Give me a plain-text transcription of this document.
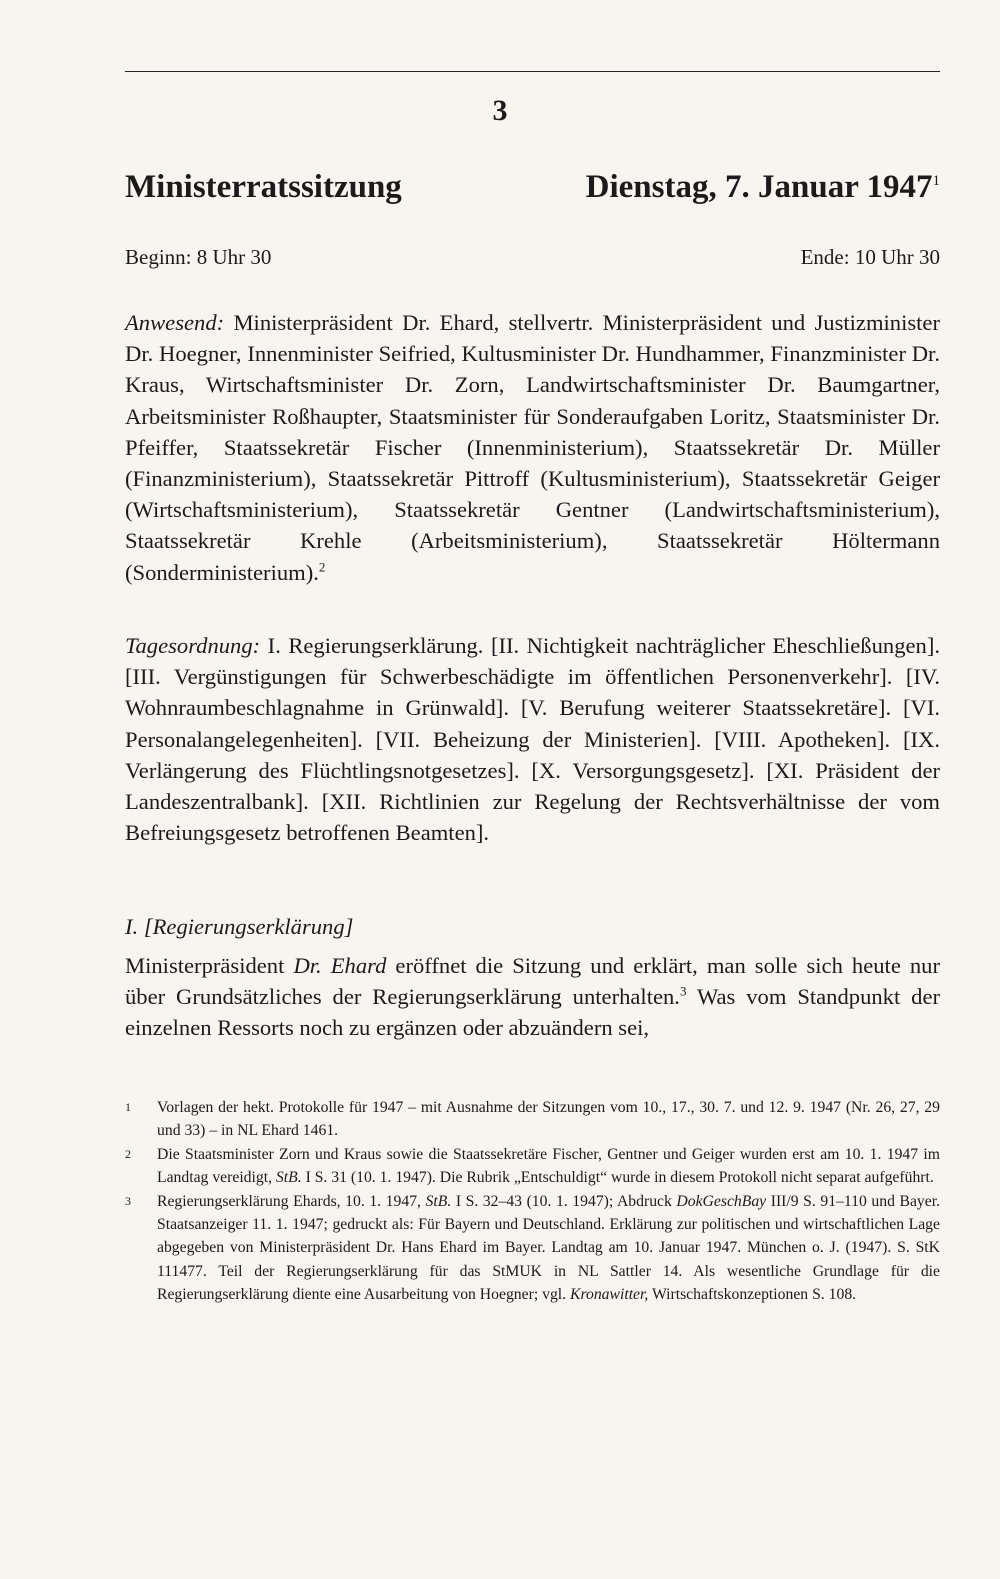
3
Ministerratssitzung	Dienstag, 7. Januar 1947$^1$
Beginn: 8 Uhr 30	Ende: 10 Uhr 30
Anwesend: Ministerpräsident Dr. Ehard, stellvertr. Ministerpräsident und Justizminister Dr. Hoegner, Innenminister Seifried, Kultusminister Dr. Hundhammer, Finanzminister Dr. Kraus, Wirtschaftsminister Dr. Zorn, Landwirtschaftsminister Dr. Baumgartner, Arbeitsminister Roßhaupter, Staatsminister für Sonderaufgaben Loritz, Staatsminister Dr. Pfeiffer, Staatssekretär Fischer (Innenministerium), Staatssekretär Dr. Müller (Finanzministerium), Staatssekretär Pittroff (Kultusministerium), Staatssekretär Geiger (Wirtschaftsministerium), Staatssekretär Gentner (Landwirtschaftsministerium), Staatssekretär Krehle (Arbeitsministerium), Staatssekretär Höltermann (Sonderministerium).$^2$
Tagesordnung: I. Regierungserklärung. [II. Nichtigkeit nachträglicher Eheschließungen]. [III. Vergünstigungen für Schwerbeschädigte im öffentlichen Personenverkehr]. [IV. Wohnraumbeschlagnahme in Grünwald]. [V. Berufung weiterer Staatssekretäre]. [VI. Personalangelegenheiten]. [VII. Beheizung der Ministerien]. [VIII. Apotheken]. [IX. Verlängerung des Flüchtlingsnotgesetzes]. [X. Versorgungsgesetz]. [XI. Präsident der Landeszentralbank]. [XII. Richtlinien zur Regelung der Rechtsverhältnisse der vom Befreiungsgesetz betroffenen Beamten].
I. [Regierungserklärung]
Ministerpräsident Dr. Ehard eröffnet die Sitzung und erklärt, man solle sich heute nur über Grundsätzliches der Regierungserklärung unterhalten.$^3$ Was vom Standpunkt der einzelnen Ressorts noch zu ergänzen oder abzuändern sei,
1	Vorlagen der hekt. Protokolle für 1947 – mit Ausnahme der Sitzungen vom 10., 17., 30. 7. und 12. 9. 1947 (Nr. 26, 27, 29 und 33) – in NL Ehard 1461.
2	Die Staatsminister Zorn und Kraus sowie die Staatssekretäre Fischer, Gentner und Geiger wurden erst am 10. 1. 1947 im Landtag vereidigt, StB. I S. 31 (10. 1. 1947). Die Rubrik „Entschuldigt“ wurde in diesem Protokoll nicht separat aufgeführt.
3	Regierungserklärung Ehards, 10. 1. 1947, StB. I S. 32–43 (10. 1. 1947); Abdruck DokGeschBay III/9 S. 91–110 und Bayer. Staatsanzeiger 11. 1. 1947; gedruckt als: Für Bayern und Deutschland. Erklärung zur politischen und wirtschaftlichen Lage abgegeben von Ministerpräsident Dr. Hans Ehard im Bayer. Landtag am 10. Januar 1947. München o. J. (1947). S. StK 111477. Teil der Regierungserklärung für das StMUK in NL Sattler 14. Als wesentliche Grundlage für die Regierungserklärung diente eine Ausarbeitung von Hoegner; vgl. Kronawitter, Wirtschaftskonzeptionen S. 108.
